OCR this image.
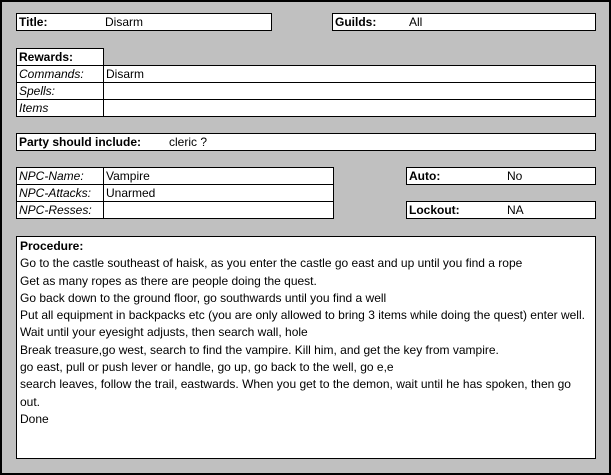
Title:	Disarm	Guilds:	All
Rewards:
Commands:	Disarm
Spells:
Items
Party should include: cleric ?
NPC-Name:	Vampire
NPC-Attacks:	Unarmed
NPC-Resses:
Auto:	No
Lockout:	NA
Procedure:
Go to the castle southeast of haisk, as you enter the castle go east and up until you find a rope
Get as many ropes as there are people doing the quest.
Go back down to the ground floor, go southwards until you find a well
Put all equipment in backpacks etc (you are only allowed to bring 3 items while doing the quest) enter well.
Wait until your eyesight adjusts, then search wall, hole
Break treasure,go west, search to find the vampire. Kill him, and get the key from vampire.
go east, pull or push lever or handle, go up, go back to the well, go e,e
search leaves, follow the trail, eastwards. When you get to the demon, wait until he has spoken, then go out.
Done
